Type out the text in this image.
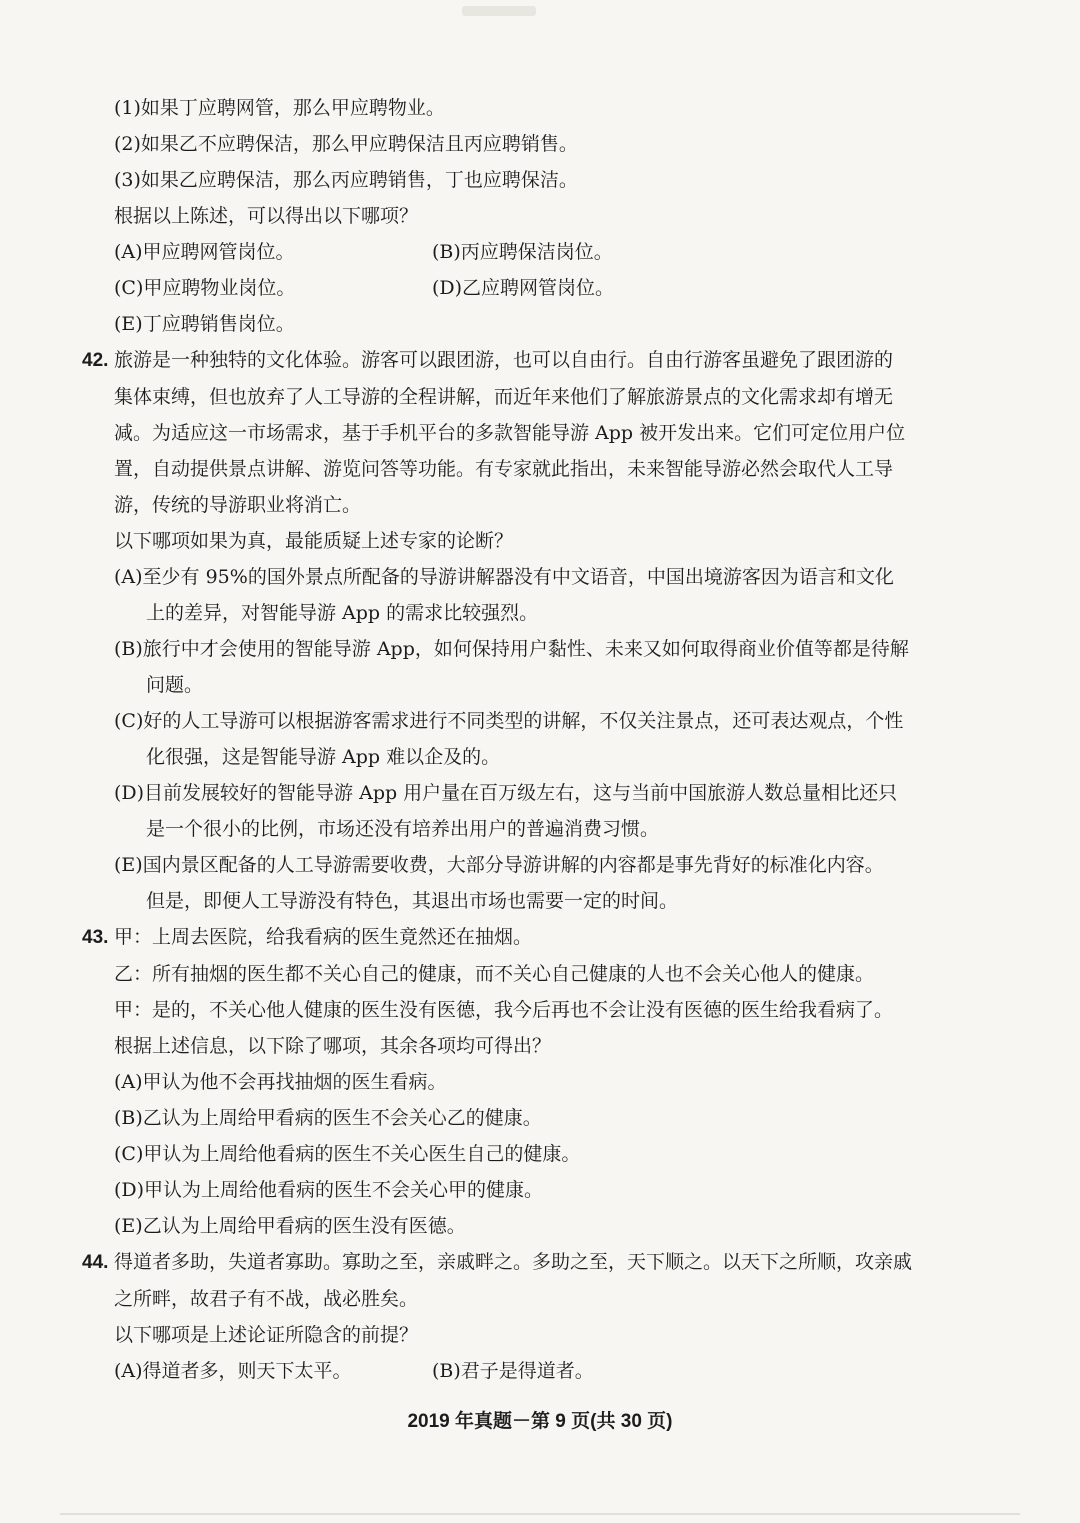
(1)如果丁应聘网管，那么甲应聘物业。
(2)如果乙不应聘保洁，那么甲应聘保洁且丙应聘销售。
(3)如果乙应聘保洁，那么丙应聘销售，丁也应聘保洁。
根据以上陈述，可以得出以下哪项？
(A)甲应聘网管岗位。	(B)丙应聘保洁岗位。
(C)甲应聘物业岗位。	(D)乙应聘网管岗位。
(E)丁应聘销售岗位。
42. 旅游是一种独特的文化体验。游客可以跟团游，也可以自由行。自由行游客虽避免了跟团游的
集体束缚，但也放弃了人工导游的全程讲解，而近年来他们了解旅游景点的文化需求却有增无
减。为适应这一市场需求，基于手机平台的多款智能导游 App 被开发出来。它们可定位用户位
置，自动提供景点讲解、游览问答等功能。有专家就此指出，未来智能导游必然会取代人工导
游，传统的导游职业将消亡。
以下哪项如果为真，最能质疑上述专家的论断？
(A)至少有 95%的国外景点所配备的导游讲解器没有中文语音，中国出境游客因为语言和文化
上的差异，对智能导游 App 的需求比较强烈。
(B)旅行中才会使用的智能导游 App，如何保持用户黏性、未来又如何取得商业价值等都是待解
问题。
(C)好的人工导游可以根据游客需求进行不同类型的讲解，不仅关注景点，还可表达观点，个性
化很强，这是智能导游 App 难以企及的。
(D)目前发展较好的智能导游 App 用户量在百万级左右，这与当前中国旅游人数总量相比还只
是一个很小的比例，市场还没有培养出用户的普遍消费习惯。
(E)国内景区配备的人工导游需要收费，大部分导游讲解的内容都是事先背好的标准化内容。
但是，即便人工导游没有特色，其退出市场也需要一定的时间。
43. 甲：上周去医院，给我看病的医生竟然还在抽烟。
乙：所有抽烟的医生都不关心自己的健康，而不关心自己健康的人也不会关心他人的健康。
甲：是的，不关心他人健康的医生没有医德，我今后再也不会让没有医德的医生给我看病了。
根据上述信息，以下除了哪项，其余各项均可得出？
(A)甲认为他不会再找抽烟的医生看病。
(B)乙认为上周给甲看病的医生不会关心乙的健康。
(C)甲认为上周给他看病的医生不关心医生自己的健康。
(D)甲认为上周给他看病的医生不会关心甲的健康。
(E)乙认为上周给甲看病的医生没有医德。
44. 得道者多助，失道者寡助。寡助之至，亲戚畔之。多助之至，天下顺之。以天下之所顺，攻亲戚
之所畔，故君子有不战，战必胜矣。
以下哪项是上述论证所隐含的前提？
(A)得道者多，则天下太平。	(B)君子是得道者。
2019 年真题－第 9 页(共 30 页)
